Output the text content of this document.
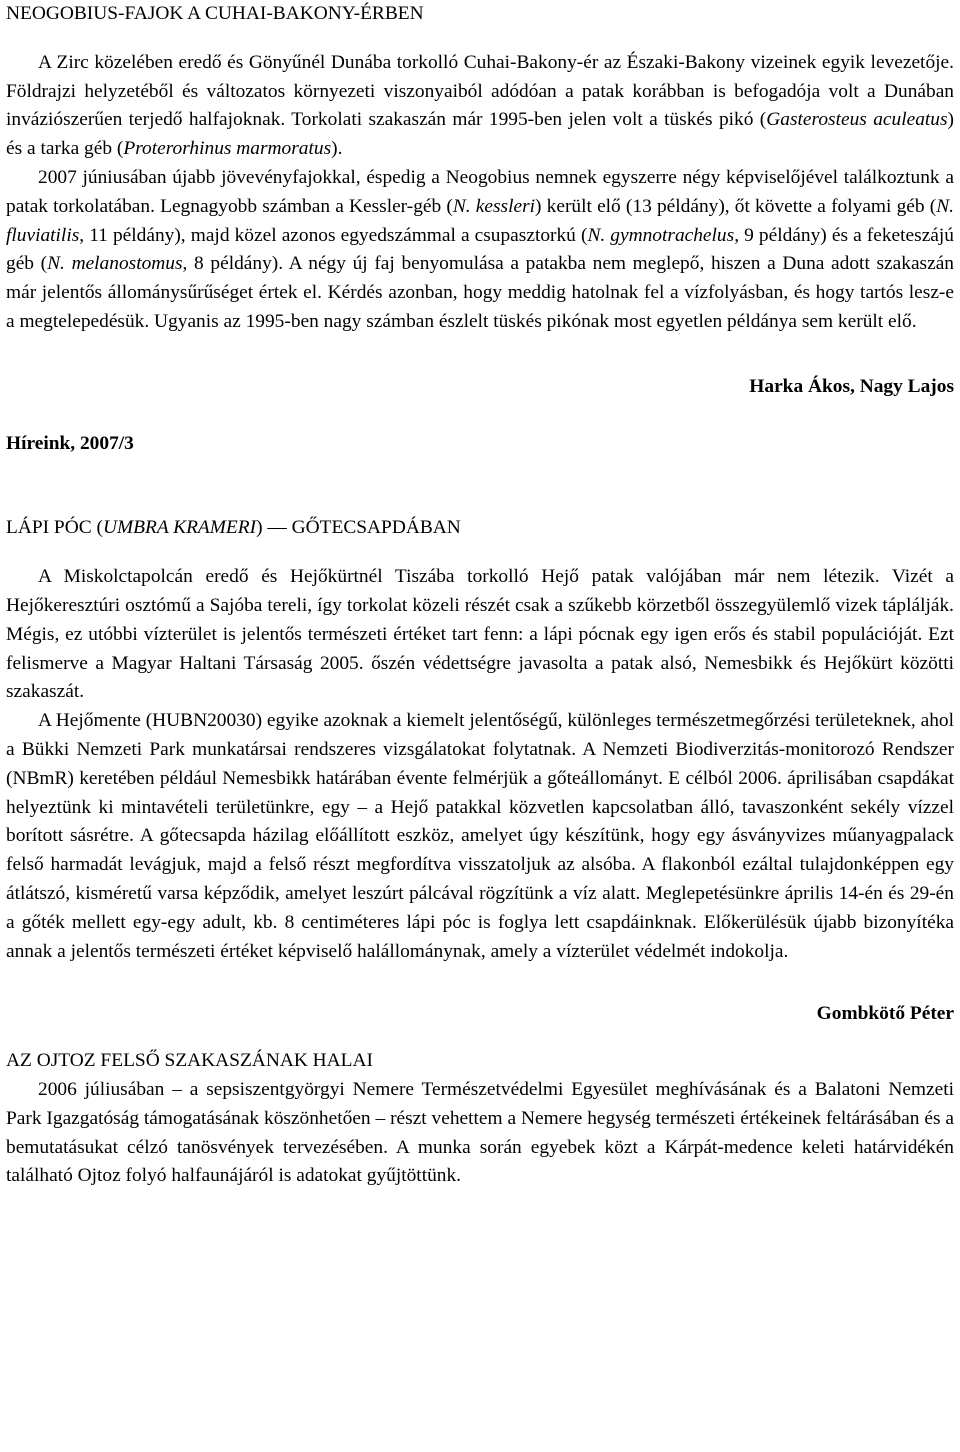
NEOGOBIUS-FAJOK A CUHAI-BAKONY-ÉRBEN

A Zirc közelében eredő és Gönyűnél Dunába torkolló Cuhai-Bakony-ér az Északi-Bakony vizeinek egyik levezetője. Földrajzi helyzetéből és változatos környezeti viszonyaiból adódóan a patak korábban is befogadója volt a Dunában inváziószerűen terjedő halfajoknak. Torkolati szakaszán már 1995-ben jelen volt a tüskés pikó (Gasterosteus aculeatus) és a tarka géb (Proterorhinus marmoratus).

2007 júniusában újabb jövevényfajokkal, éspedig a Neogobius nemnek egyszerre négy képviselőjével találkoztunk a patak torkolatában. Legnagyobb számban a Kessler-géb (N. kessleri) került elő (13 példány), őt követte a folyami géb (N. fluviatilis, 11 példány), majd közel azonos egyedszámmal a csupasztorkú (N. gymnotrachelus, 9 példány) és a feketeszájú géb (N. melanostomus, 8 példány). A négy új faj benyomulása a patakba nem meglepő, hiszen a Duna adott szakaszán már jelentős állománysűrűséget értek el. Kérdés azonban, hogy meddig hatolnak fel a vízfolyásban, és hogy tartós lesz-e a megtelepedésük. Ugyanis az 1995-ben nagy számban észlelt tüskés pikónak most egyetlen példánya sem került elő.

Harka Ákos, Nagy Lajos

Híreink, 2007/3

LÁPI PÓC (UMBRA KRAMERI) — GŐTECSAPDÁBAN

A Miskolctapolcán eredő és Hejőkürtnél Tiszába torkolló Hejő patak valójában már nem létezik. Vizét a Hejőkeresztúri osztómű a Sajóba tereli, így torkolat közeli részét csak a szűkebb körzetből összegyülemlő vizek táplálják. Mégis, ez utóbbi vízterület is jelentős természeti értéket tart fenn: a lápi pócnak egy igen erős és stabil populációját. Ezt felismerve a Magyar Haltani Társaság 2005. őszén védettségre javasolta a patak alsó, Nemesbikk és Hejőkürt közötti szakaszát.

A Hejőmente (HUBN20030) egyike azoknak a kiemelt jelentőségű, különleges természetmegőrzési területeknek, ahol a Bükki Nemzeti Park munkatársai rendszeres vizsgálatokat folytatnak. A Nemzeti Biodiverzitás-monitorozó Rendszer (NBmR) keretében például Nemesbikk határában évente felmérjük a gőteállományt. E célból 2006. áprilisában csapdákat helyeztünk ki mintavételi területünkre, egy – a Hejő patakkal közvetlen kapcsolatban álló, tavaszonként sekély vízzel borított sásrétre. A gőtecsapda házilag előállított eszköz, amelyet úgy készítünk, hogy egy ásványvizes műanyagpalack felső harmadát levágjuk, majd a felső részt megfordítva visszatoljuk az alsóba. A flakonból ezáltal tulajdonképpen egy átlátszó, kisméretű varsa képződik, amelyet leszúrt pálcával rögzítünk a víz alatt. Meglepetésünkre április 14-én és 29-én a gőték mellett egy-egy adult, kb. 8 centiméteres lápi póc is foglya lett csapdáinknak. Előkerülésük újabb bizonyítéka annak a jelentős természeti értéket képviselő halállománynak, amely a vízterület védelmét indokolja.

Gombkötő Péter

AZ OJTOZ FELSŐ SZAKASZÁNAK HALAI

2006 júliusában – a sepsiszentgyörgyi Nemere Természetvédelmi Egyesület meghívásának és a Balatoni Nemzeti Park Igazgatóság támogatásának köszönhetően – részt vehettem a Nemere hegység természeti értékeinek feltárásában és a bemutatásukat célzó tanösvények tervezésében. A munka során egyebek közt a Kárpát-medence keleti határvidékén található Ojtoz folyó halfaunájáról is adatokat gyűjtöttünk.
